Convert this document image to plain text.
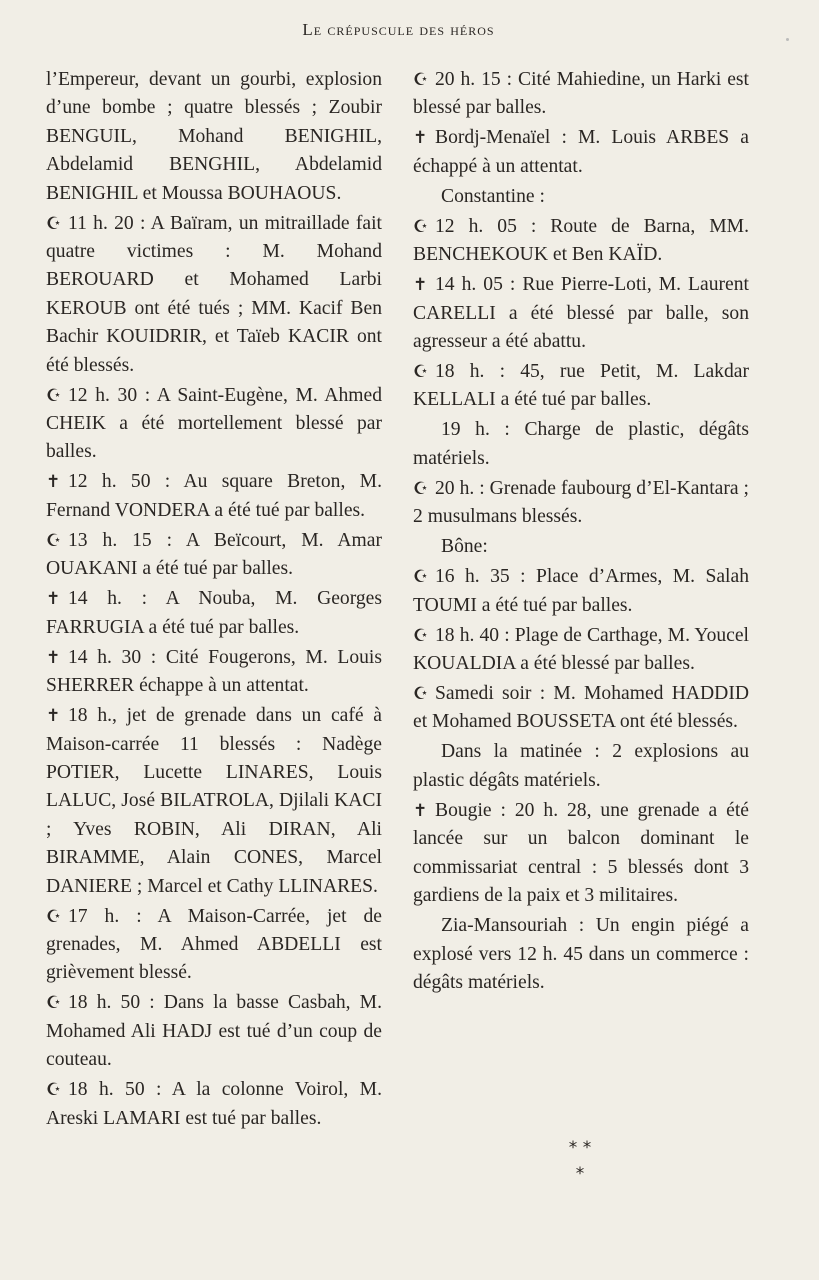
Le crépuscule des héros

l’Empereur, devant un gourbi, explosion d’une bombe ; quatre blessés ; Zoubir BENGUIL, Mohand BENIGHIL, Abdelamid BENGHIL, Abdelamid BENIGHIL et Moussa BOUHAOUS.

☪ 11 h. 20 : A Baïram, un mitraillade fait quatre victimes : M. Mohand BEROUARD et Mohamed Larbi KEROUB ont été tués ; MM. Kacif Ben Bachir KOUIDRIR, et Taïeb KACIR ont été blessés.

☪ 12 h. 30 : A Saint-Eugène, M. Ahmed CHEIK a été mortellement blessé par balles.

✝ 12 h. 50 : Au square Breton, M. Fernand VONDERA a été tué par balles.

☪ 13 h. 15 : A Beïcourt, M. Amar OUAKANI a été tué par balles.

✝ 14 h. : A Nouba, M. Georges FARRUGIA a été tué par balles.

✝ 14 h. 30 : Cité Fougerons, M. Louis SHERRER échappe à un attentat.

✝ 18 h., jet de grenade dans un café à Maison-carrée 11 blessés : Nadège POTIER, Lucette LINARES, Louis LALUC, José BILATROLA, Djilali KACI ; Yves ROBIN, Ali DIRAN, Ali BIRAMME, Alain CONES, Marcel DANIERE ; Marcel et Cathy LLINARES.

☪ 17 h. : A Maison-Carrée, jet de grenades, M. Ahmed ABDELLI est grièvement blessé.

☪ 18 h. 50 : Dans la basse Casbah, M. Mohamed Ali HADJ est tué d’un coup de couteau.

☪ 18 h. 50 : A la colonne Voirol, M. Areski LAMARI est tué par balles.

☪ 20 h. 15 : Cité Mahiedine, un Harki est blessé par balles.

✝ Bordj-Menaïel : M. Louis ARBES a échappé à un attentat.

Constantine :

☪ 12 h. 05 : Route de Barna, MM. BENCHEKOUK et Ben KAÏD.

✝ 14 h. 05 : Rue Pierre-Loti, M. Laurent CARELLI a été blessé par balle, son agresseur a été abattu.

☪ 18 h. : 45, rue Petit, M. Lakdar KELLALI a été tué par balles.

19 h. : Charge de plastic, dégâts matériels.

☪ 20 h. : Grenade faubourg d’El-Kantara ; 2 musulmans blessés.

Bône:

☪ 16 h. 35 : Place d’Armes, M. Salah TOUMI a été tué par balles.

☪ 18 h. 40 : Plage de Carthage, M. Youcel KOUALDIA a été blessé par balles.

☪ Samedi soir : M. Mohamed HADDID et Mohamed BOUSSETA ont été blessés.

Dans la matinée : 2 explosions au plastic dégâts matériels.

✝ Bougie : 20 h. 28, une grenade a été lancée sur un balcon dominant le commissariat central : 5 blessés dont 3 gardiens de la paix et 3 militaires.

Zia-Mansouriah : Un engin piégé a explosé vers 12 h. 45 dans un commerce : dégâts matériels.

* *
*
